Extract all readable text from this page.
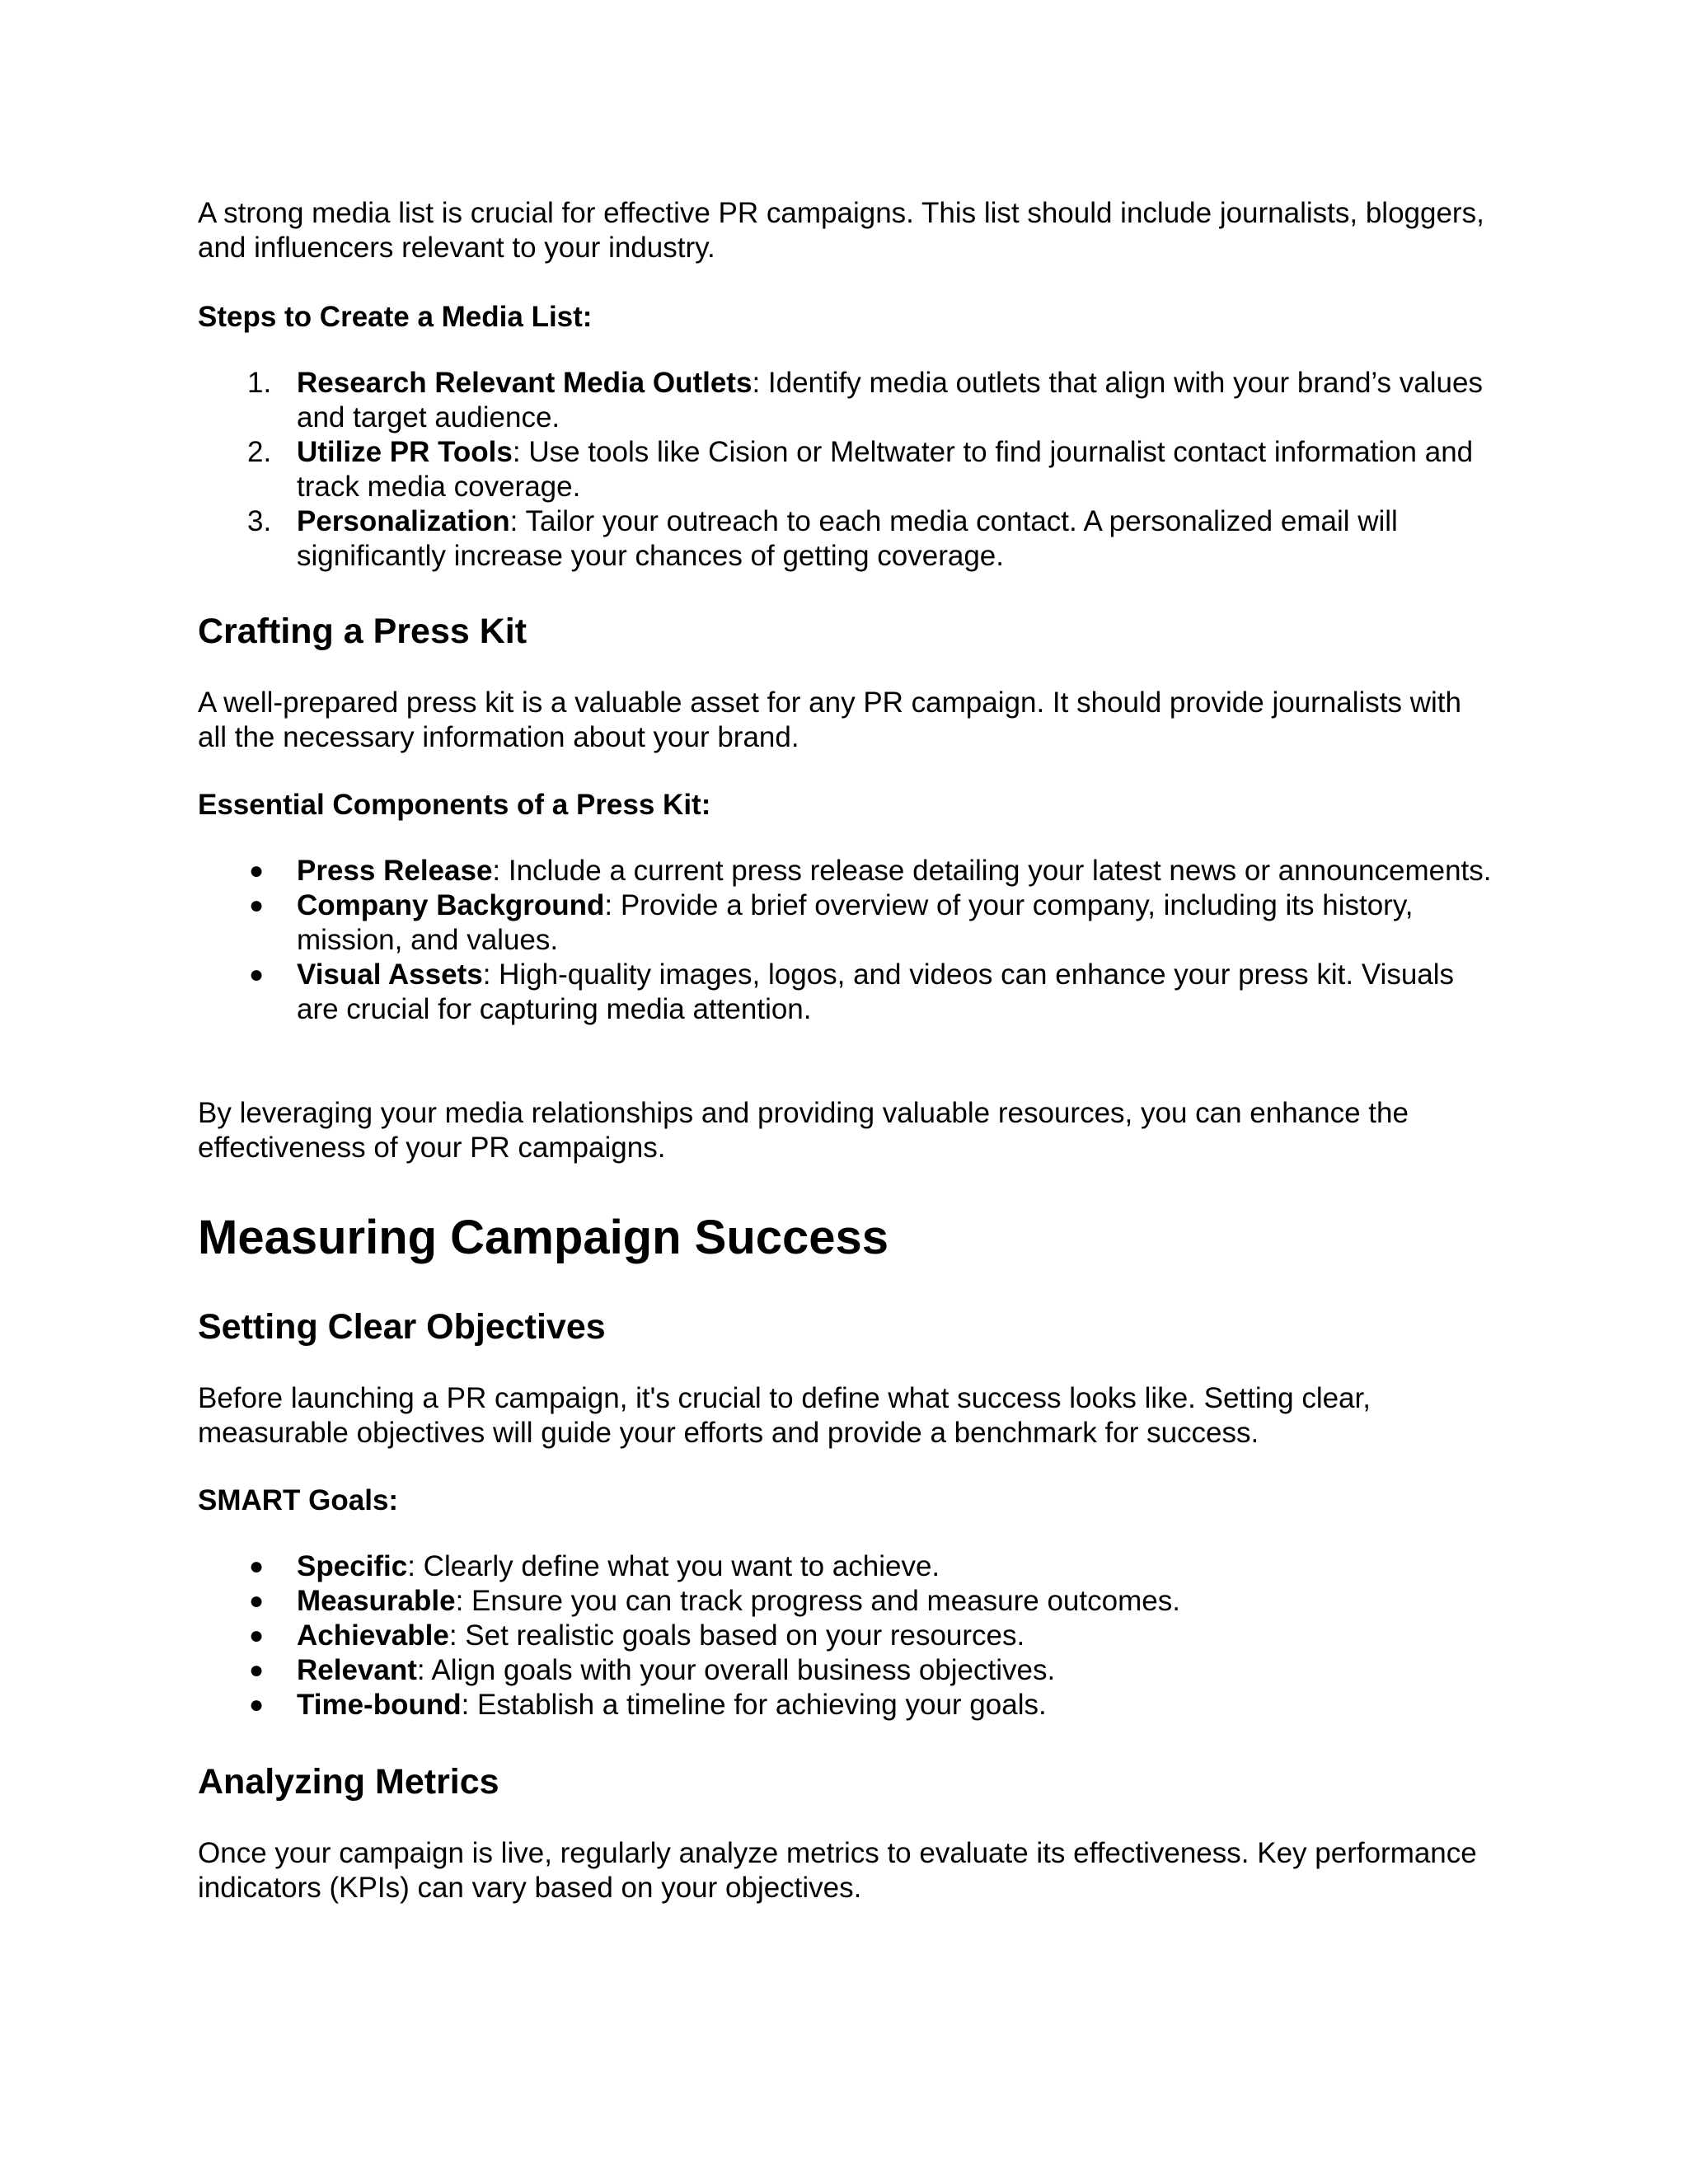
A strong media list is crucial for effective PR campaigns. This list should include journalists, bloggers, and influencers relevant to your industry.

Steps to Create a Media List:

1. Research Relevant Media Outlets: Identify media outlets that align with your brand’s values and target audience.
2. Utilize PR Tools: Use tools like Cision or Meltwater to find journalist contact information and track media coverage.
3. Personalization: Tailor your outreach to each media contact. A personalized email will significantly increase your chances of getting coverage.
Crafting a Press Kit

A well-prepared press kit is a valuable asset for any PR campaign. It should provide journalists with all the necessary information about your brand.

Essential Components of a Press Kit:

● Press Release: Include a current press release detailing your latest news or announcements.
● Company Background: Provide a brief overview of your company, including its history, mission, and values.
● Visual Assets: High-quality images, logos, and videos can enhance your press kit. Visuals are crucial for capturing media attention.

By leveraging your media relationships and providing valuable resources, you can enhance the effectiveness of your PR campaigns.

Measuring Campaign Success
Setting Clear Objectives

Before launching a PR campaign, it's crucial to define what success looks like. Setting clear, measurable objectives will guide your efforts and provide a benchmark for success.

SMART Goals:

● Specific: Clearly define what you want to achieve.
● Measurable: Ensure you can track progress and measure outcomes.
● Achievable: Set realistic goals based on your resources.
● Relevant: Align goals with your overall business objectives.
● Time-bound: Establish a timeline for achieving your goals.
Analyzing Metrics

Once your campaign is live, regularly analyze metrics to evaluate its effectiveness. Key performance indicators (KPIs) can vary based on your objectives.
